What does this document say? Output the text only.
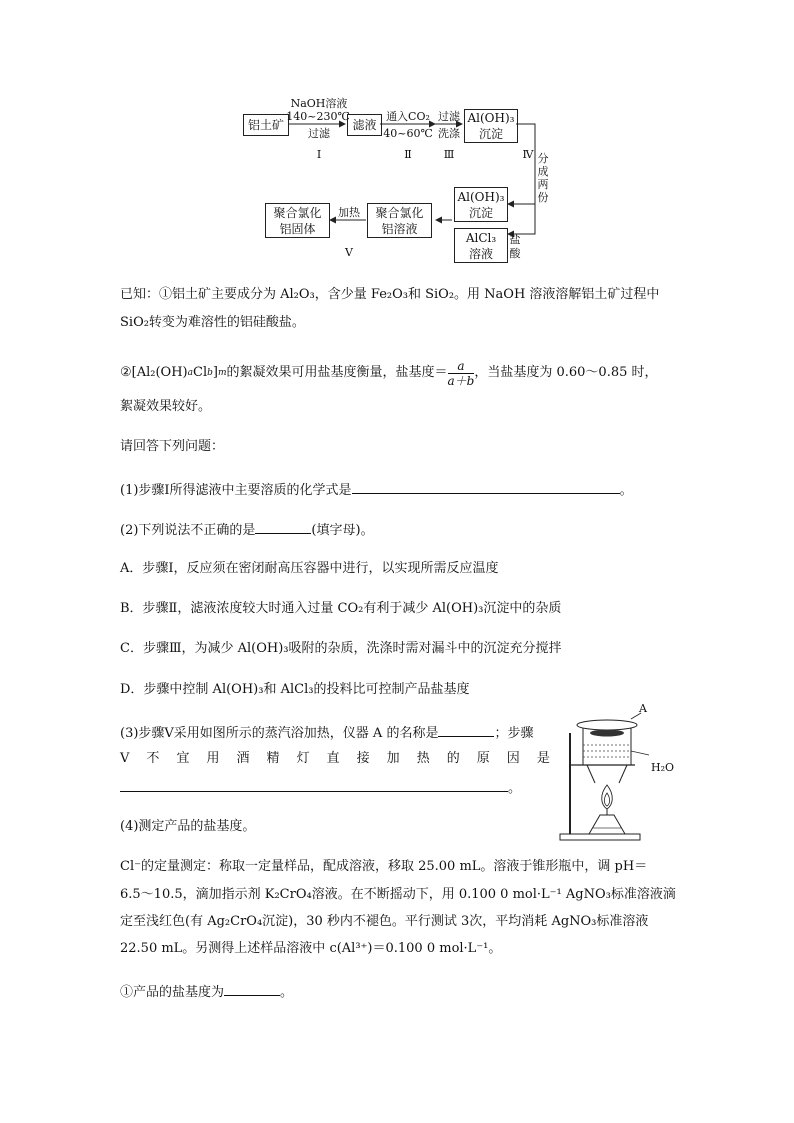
铝土矿
NaOH溶液
140~230℃
过滤
Ⅰ
滤液
通入CO₂
40~60℃
Ⅱ
过滤
洗涤
Ⅲ
Al(OH)₃
沉淀
Ⅳ 分
成
两
份
Al(OH)₃
沉淀
AlCl₃
溶液
盐
酸
聚合氯化
铝溶液
加热
Ⅴ
聚合氯化
铝固体
已知：①铝土矿主要成分为 Al₂O₃，含少量 Fe₂O₃和 SiO₂。用 NaOH 溶液溶解铝土矿过程中
SiO₂转变为难溶性的铝硅酸盐。
②[Al₂(OH) a Cl b ] m 的絮凝效果可用盐基度衡量，盐基度＝ $\frac{a}{a+b}$ ，当盐基度为 0.60～0.85 时，
絮凝效果较好。
请回答下列问题：
(1)步骤Ⅰ所得滤液中主要溶质的化学式是	。
(2)下列说法不正确的是	(填字母)。
A．步骤Ⅰ，反应须在密闭耐高压容器中进行，以实现所需反应温度
B．步骤Ⅱ，滤液浓度较大时通入过量 CO₂有利于减少 Al(OH)₃沉淀中的杂质
C．步骤Ⅲ，为减少 Al(OH)₃吸附的杂质，洗涤时需对漏斗中的沉淀充分搅拌
D．步骤中控制 Al(OH)₃和 AlCl₃的投料比可控制产品盐基度
(3)步骤Ⅴ采用如图所示的蒸汽浴加热，仪器 A 的名称是	；步骤
Ⅴ 不 宜 用 酒 精 灯 直 接 加 热 的 原 因 是
。
(4)测定产品的盐基度。
Cl⁻的定量测定：称取一定量样品，配成溶液，移取 25.00 mL。溶液于锥形瓶中，调 pH＝
6.5～10.5，滴加指示剂 K₂CrO₄溶液。在不断摇动下，用 0.100 0 mol·L⁻¹ AgNO₃标准溶液滴
定至浅红色(有 Ag₂CrO₄沉淀)，30 秒内不褪色。平行测试 3次，平均消耗 AgNO₃标准溶液
22.50 mL。另测得上述样品溶液中 c(Al³⁺)＝0.100 0 mol·L⁻¹。
①产品的盐基度为	。
A
H₂O
